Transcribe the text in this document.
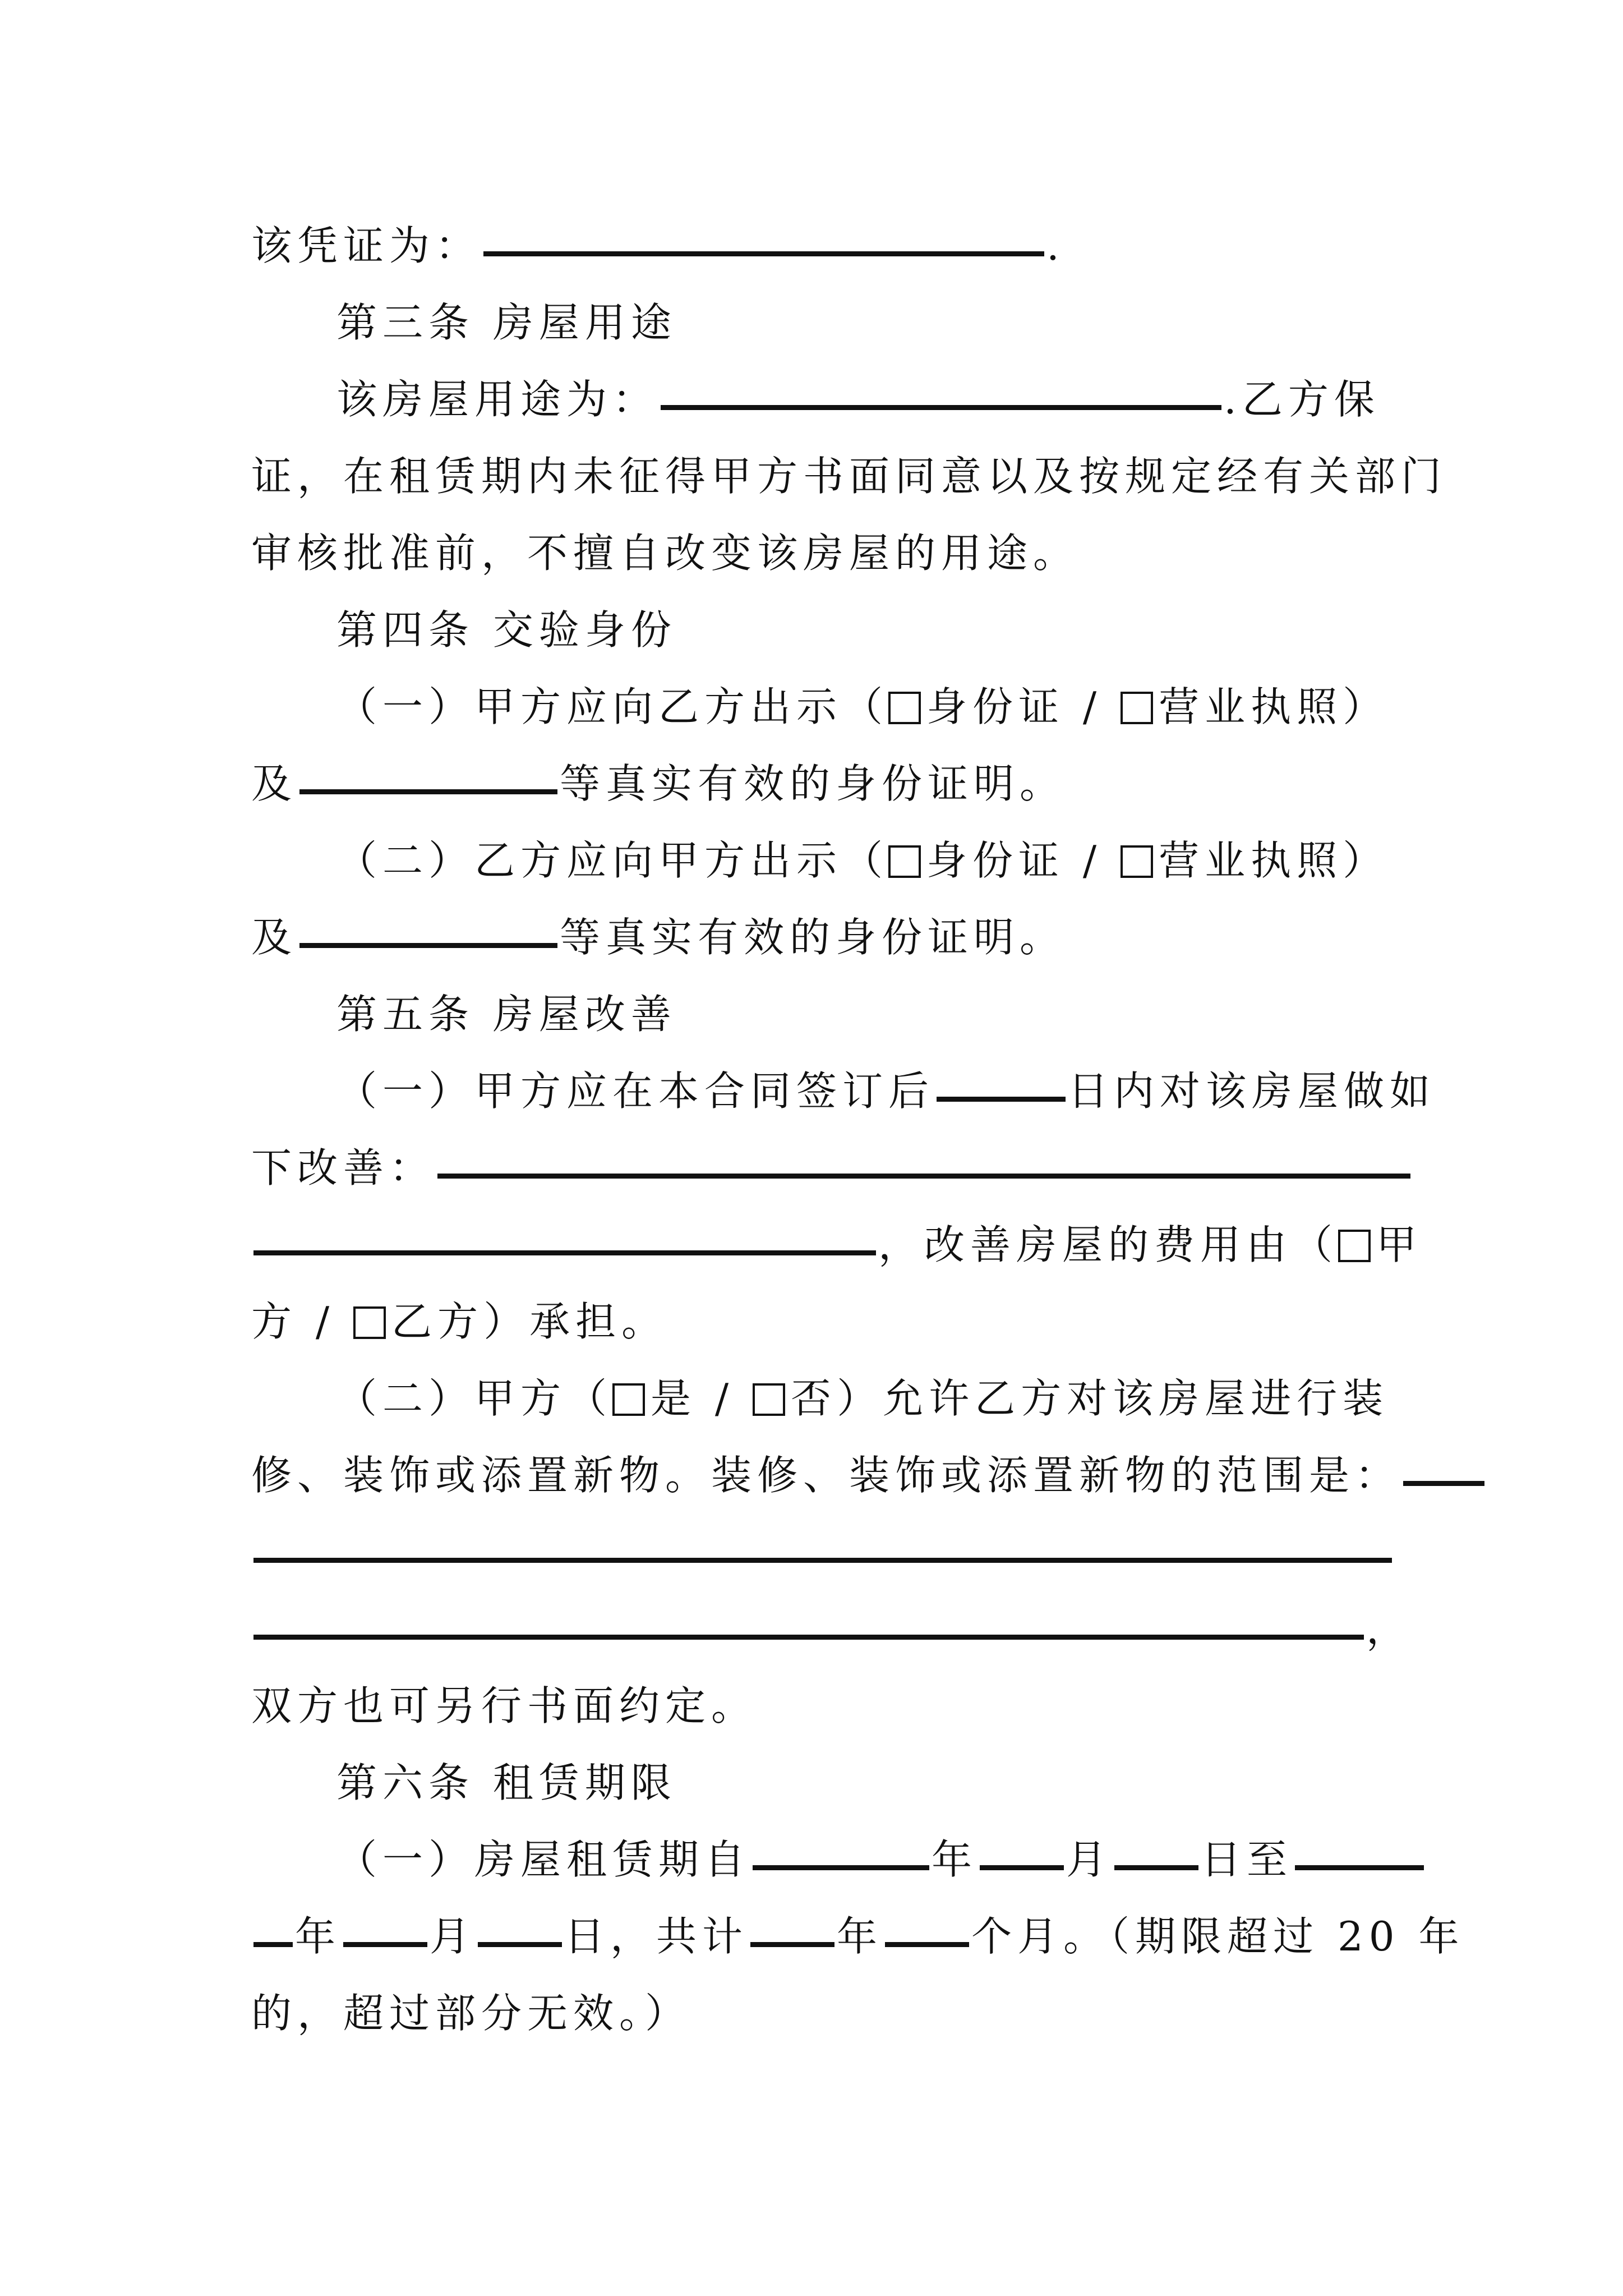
该凭证为：	.
第三条 房屋用途
该房屋用途为：	.乙方保
证，在租赁期内未征得甲方书面同意以及按规定经有关部门
审核批准前，不擅自改变该房屋的用途。
第四条 交验身份
（一）甲方应向乙方出示（ 身份证 / 营业执照）
及	等真实有效的身份证明。
（二）乙方应向甲方出示（ 身份证 / 营业执照）
及	等真实有效的身份证明。
第五条 房屋改善
（一）甲方应在本合同签订后	日内对该房屋做如
下改善：
，改善房屋的费用由（ 甲
方 / 乙方）承担。
（二）甲方（ 是 / 否）允许乙方对该房屋进行装
修、装饰或添置新物。装修、装饰或添置新物的范围是：
，
双方也可另行书面约定。
第六条 租赁期限
（一）房屋租赁期自	年 月 日至
年 月 日，共计 年 个月。（期限超过 20 年
的，超过部分无效。）
